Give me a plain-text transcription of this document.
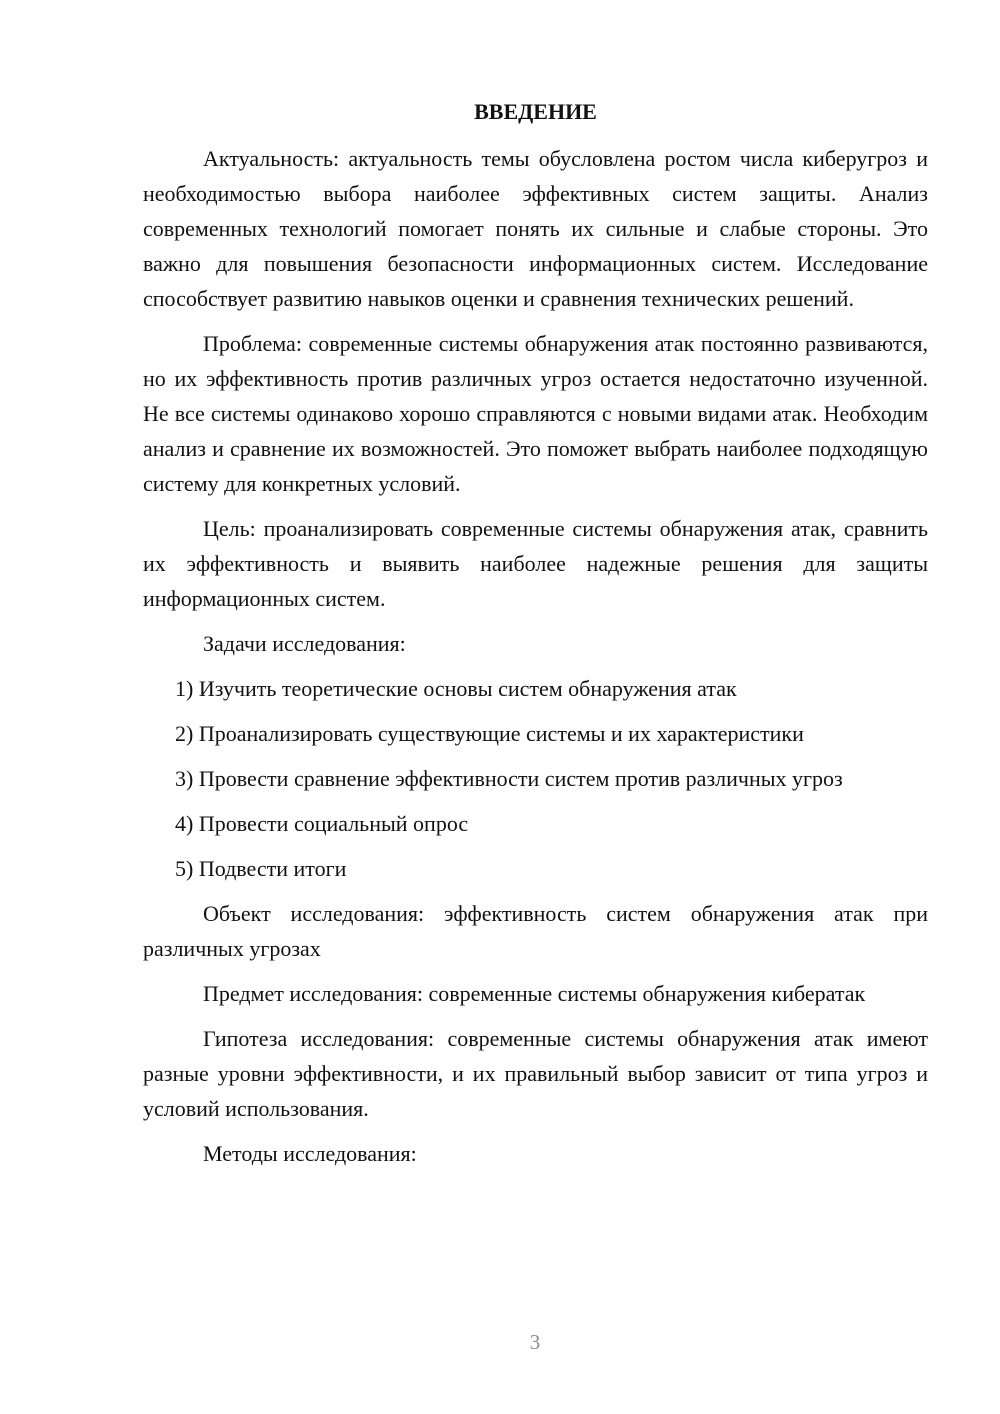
ВВЕДЕНИЕ

Актуальность: актуальность темы обусловлена ростом числа киберугроз и необходимостью выбора наиболее эффективных систем защиты. Анализ современных технологий помогает понять их сильные и слабые стороны. Это важно для повышения безопасности информационных систем. Исследование способствует развитию навыков оценки и сравнения технических решений.

Проблема: современные системы обнаружения атак постоянно развиваются, но их эффективность против различных угроз остается недостаточно изученной. Не все системы одинаково хорошо справляются с новыми видами атак. Необходим анализ и сравнение их возможностей. Это поможет выбрать наиболее подходящую систему для конкретных условий.

Цель: проанализировать современные системы обнаружения атак, сравнить их эффективность и выявить наиболее надежные решения для защиты информационных систем.

Задачи исследования:

1) Изучить теоретические основы систем обнаружения атак
2) Проанализировать существующие системы и их характеристики
3) Провести сравнение эффективности систем против различных угроз
4) Провести социальный опрос
5) Подвести итоги

Объект исследования: эффективность систем обнаружения атак при различных угрозах

Предмет исследования: современные системы обнаружения кибератак

Гипотеза исследования: современные системы обнаружения атак имеют разные уровни эффективности, и их правильный выбор зависит от типа угроз и условий использования.

Методы исследования:

3
